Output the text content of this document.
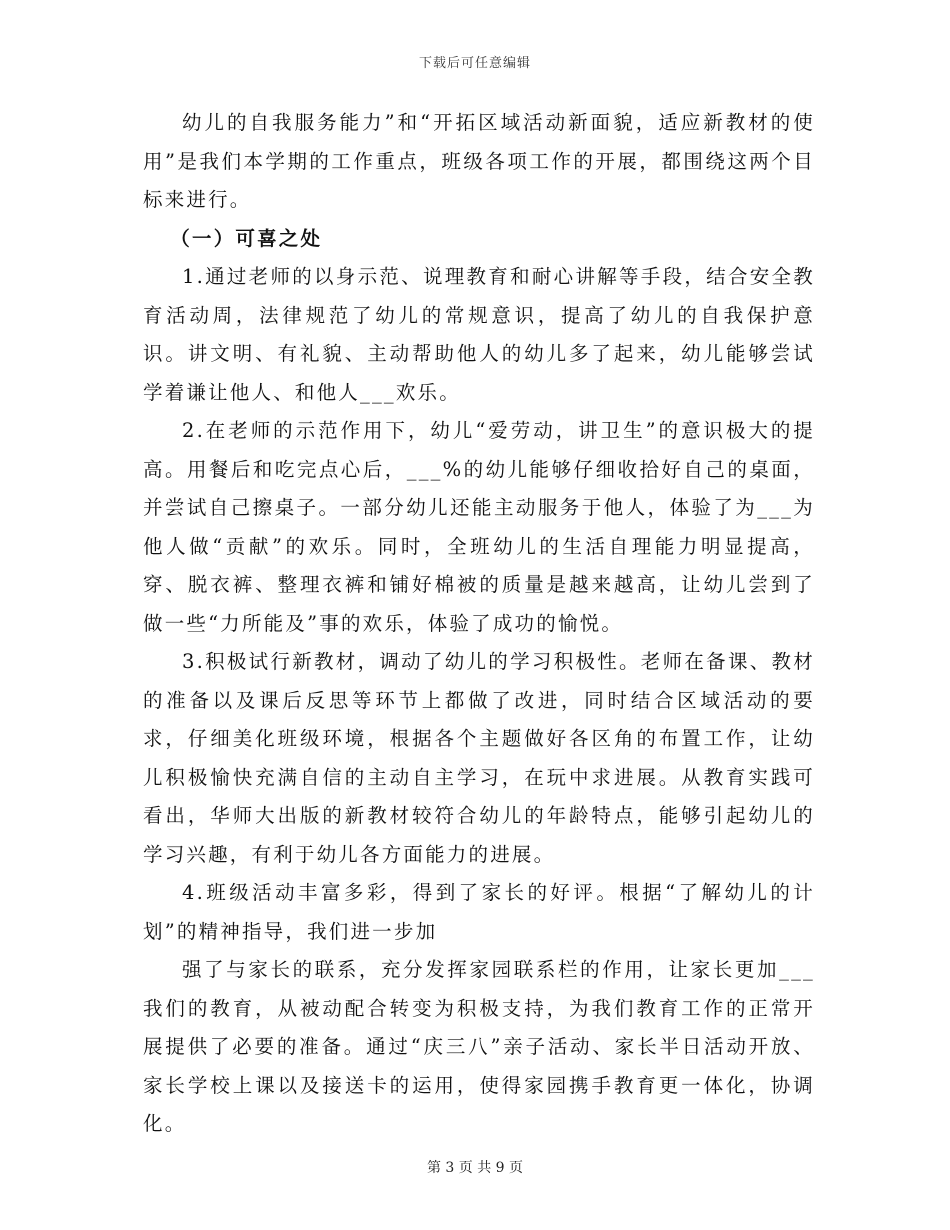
下载后可任意编辑

幼儿的自我服务能力”和“开拓区域活动新面貌，适应新教材的使用”是我们本学期的工作重点，班级各项工作的开展，都围绕这两个目标来进行。

（一）可喜之处

1.通过老师的以身示范、说理教育和耐心讲解等手段，结合安全教育活动周，法律规范了幼儿的常规意识，提高了幼儿的自我保护意识。讲文明、有礼貌、主动帮助他人的幼儿多了起来，幼儿能够尝试学着谦让他人、和他人___欢乐。

2.在老师的示范作用下，幼儿“爱劳动，讲卫生”的意识极大的提高。用餐后和吃完点心后，___%的幼儿能够仔细收拾好自己的桌面，并尝试自己擦桌子。一部分幼儿还能主动服务于他人，体验了为___为他人做“贡献”的欢乐。同时，全班幼儿的生活自理能力明显提高，穿、脱衣裤、整理衣裤和铺好棉被的质量是越来越高，让幼儿尝到了做一些“力所能及”事的欢乐，体验了成功的愉悦。

3.积极试行新教材，调动了幼儿的学习积极性。老师在备课、教材的准备以及课后反思等环节上都做了改进，同时结合区域活动的要求，仔细美化班级环境，根据各个主题做好各区角的布置工作，让幼儿积极愉快充满自信的主动自主学习，在玩中求进展。从教育实践可看出，华师大出版的新教材较符合幼儿的年龄特点，能够引起幼儿的学习兴趣，有利于幼儿各方面能力的进展。

4.班级活动丰富多彩，得到了家长的好评。根据“了解幼儿的计划”的精神指导，我们进一步加

强了与家长的联系，充分发挥家园联系栏的作用，让家长更加___我们的教育，从被动配合转变为积极支持，为我们教育工作的正常开展提供了必要的准备。通过“庆三八”亲子活动、家长半日活动开放、家长学校上课以及接送卡的运用，使得家园携手教育更一体化，协调化。

第 3 页 共 9 页
